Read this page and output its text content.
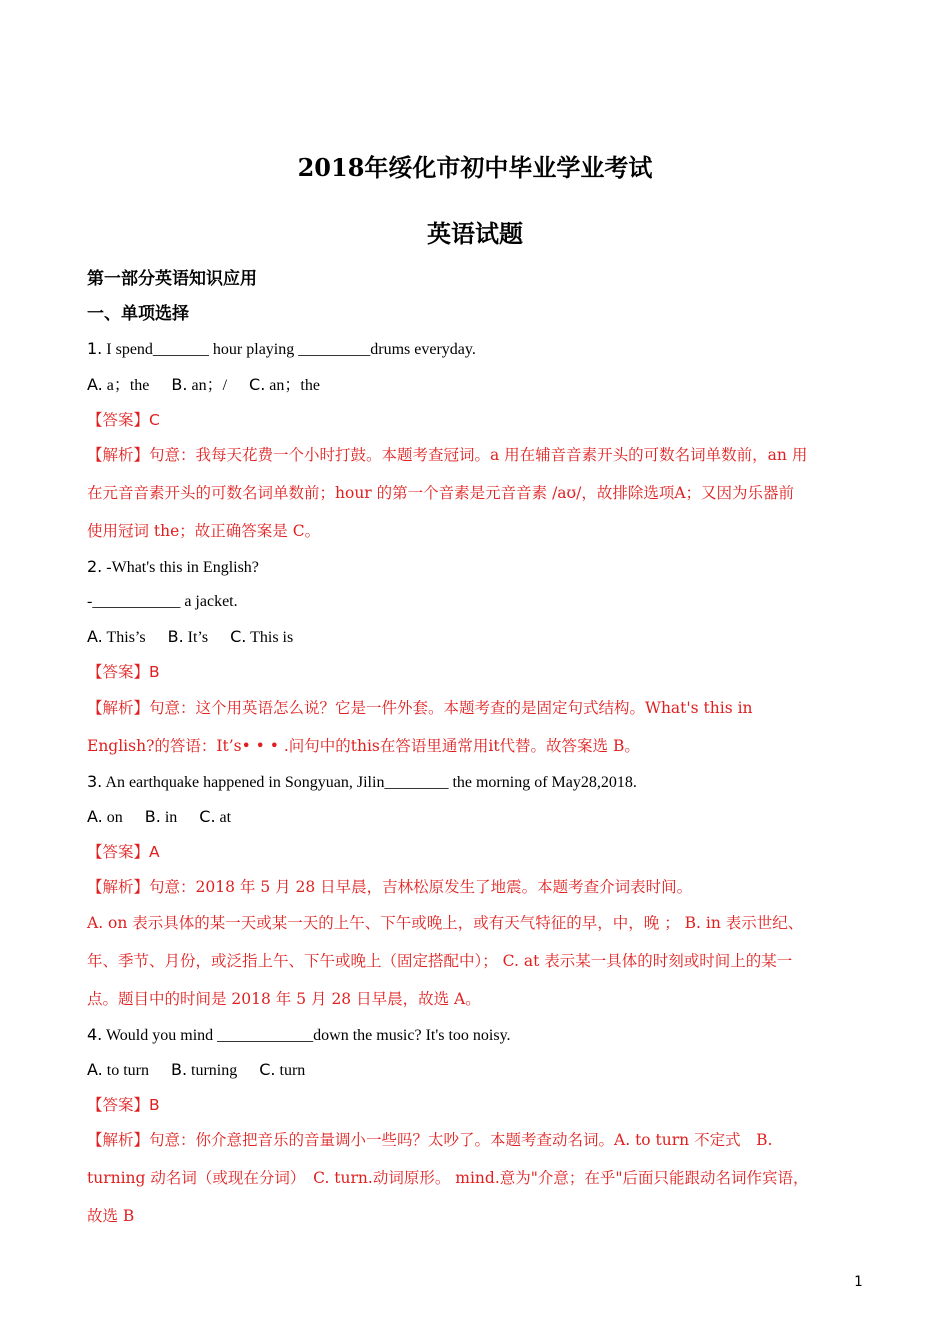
2018年绥化市初中毕业学业考试
英语试题
第一部分英语知识应用
一、单项选择
1. I spend_______ hour playing _________drums everyday.
A. a；the B. an；/ C. an；the
【答案】C
【解析】句意：我每天花费一个小时打鼓。本题考查冠词。a 用在辅音音素开头的可数名词单数前，an 用
在元音音素开头的可数名词单数前；hour 的第一个音素是元音音素 /aʊ/，故排除选项A；又因为乐器前
使用冠词 the；故正确答案是 C。
2. -What's this in English?
-___________ a jacket.
A. This’s B. It’s C. This is
【答案】B
【解析】句意：这个用英语怎么说？它是一件外套。本题考查的是固定句式结构。What's this in
English?的答语：It’s• • • .问句中的this在答语里通常用it代替。故答案选 B。
3. An earthquake happened in Songyuan, Jilin________ the morning of May28,2018.
A. on B. in C. at
【答案】A
【解析】句意：2018 年 5 月 28 日早晨，吉林松原发生了地震。本题考查介词表时间。
A. on 表示具体的某一天或某一天的上午、下午或晚上，或有天气特征的早，中，晚 ； B. in 表示世纪、
年、季节、月份，或泛指上午、下午或晚上（固定搭配中）； C. at 表示某一具体的时刻或时间上的某一
点。题目中的时间是 2018 年 5 月 28 日早晨，故选 A。
4. Would you mind ____________down the music? It's too noisy.
A. to turn B. turning C. turn
【答案】B
【解析】句意：你介意把音乐的音量调小一些吗？太吵了。本题考查动名词。A. to turn 不定式　B.
turning 动名词（或现在分词）　C. turn.动词原形。 mind.意为"介意；在乎"后面只能跟动名词作宾语，
故选 B
1
